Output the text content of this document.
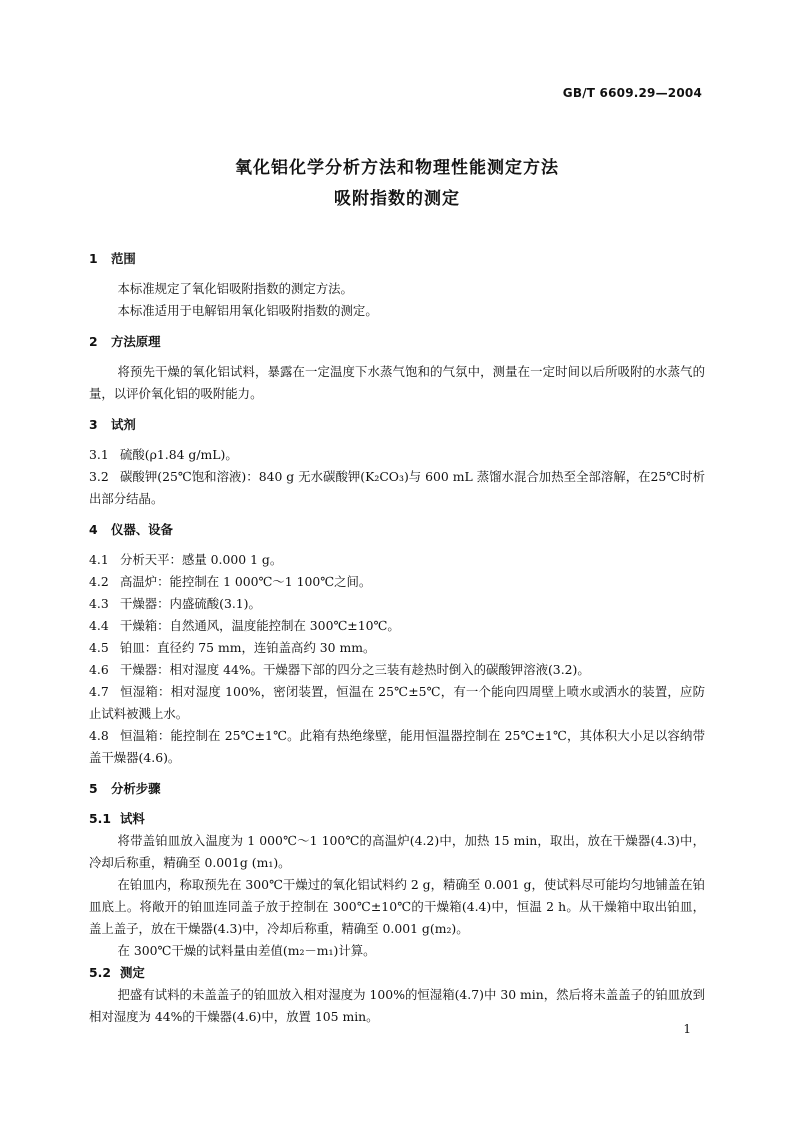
GB/T 6609.29—2004
氧化铝化学分析方法和物理性能测定方法
吸附指数的测定
1 范围
本标准规定了氧化铝吸附指数的测定方法。
本标准适用于电解铝用氧化铝吸附指数的测定。
2 方法原理
将预先干燥的氧化铝试料，暴露在一定温度下水蒸气饱和的气氛中，测量在一定时间以后所吸附的水蒸气的量，以评价氧化铝的吸附能力。
3 试剂
3.1 硫酸(ρ1.84 g/mL)。
3.2 碳酸钾(25℃饱和溶液)：840 g 无水碳酸钾(K₂CO₃)与 600 mL 蒸馏水混合加热至全部溶解，在25℃时析出部分结晶。
4 仪器、设备
4.1 分析天平：感量 0.000 1 g。
4.2 高温炉：能控制在 1 000℃～1 100℃之间。
4.3 干燥器：内盛硫酸(3.1)。
4.4 干燥箱：自然通风，温度能控制在 300℃±10℃。
4.5 铂皿：直径约 75 mm，连铂盖高约 30 mm。
4.6 干燥器：相对湿度 44%。干燥器下部的四分之三装有趁热时倒入的碳酸钾溶液(3.2)。
4.7 恒湿箱：相对湿度 100%，密闭装置，恒温在 25℃±5℃，有一个能向四周壁上喷水或洒水的装置，应防止试料被溅上水。
4.8 恒温箱：能控制在 25℃±1℃。此箱有热绝缘壁，能用恒温器控制在 25℃±1℃，其体积大小足以容纳带盖干燥器(4.6)。
5 分析步骤
5.1 试料
将带盖铂皿放入温度为 1 000℃～1 100℃的高温炉(4.2)中，加热 15 min，取出，放在干燥器(4.3)中，冷却后称重，精确至 0.001g (m₁)。
在铂皿内，称取预先在 300℃干燥过的氧化铝试料约 2 g，精确至 0.001 g，使试料尽可能均匀地铺盖在铂皿底上。将敞开的铂皿连同盖子放于控制在 300℃±10℃的干燥箱(4.4)中，恒温 2 h。从干燥箱中取出铂皿，盖上盖子，放在干燥器(4.3)中，冷却后称重，精确至 0.001 g(m₂)。
在 300℃干燥的试料量由差值(m₂－m₁)计算。
5.2 测定
把盛有试料的未盖盖子的铂皿放入相对湿度为 100%的恒湿箱(4.7)中 30 min，然后将未盖盖子的铂皿放到相对湿度为 44%的干燥器(4.6)中，放置 105 min。
1
